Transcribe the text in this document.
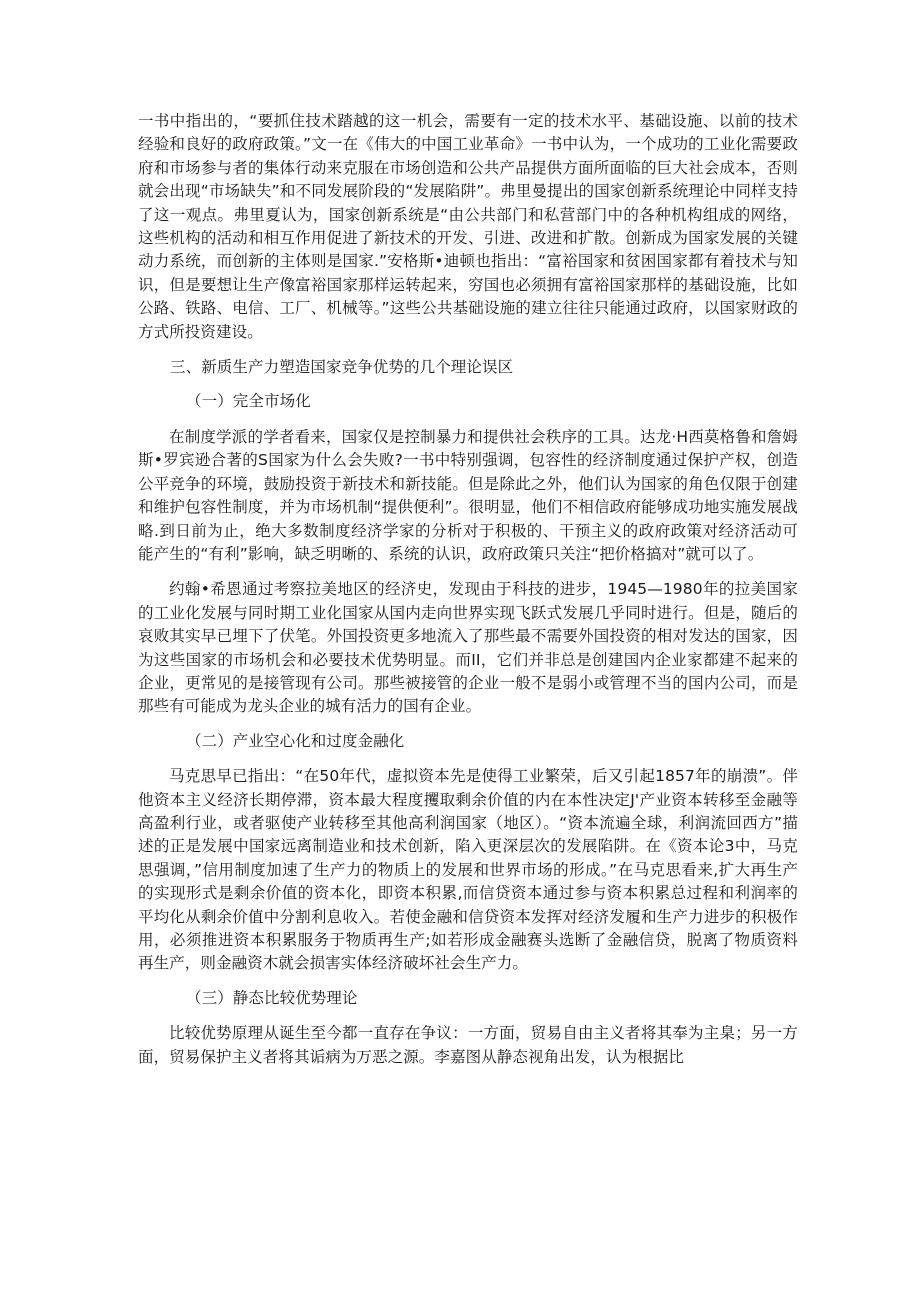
一书中指出的，“要抓住技术踏越的这一机会，需要有一定的技术水平、基础设施、以前的技术经验和良好的政府政策。”文一在《伟大的中国工业革命》一书中认为，一个成功的工业化需要政府和市场参与者的集体行动来克服在市场创造和公共产品提供方面所面临的巨大社会成本，否则就会出现“市场缺失”和不同发展阶段的“发展陷阱”。弗里曼提出的国家创新系统理论中同样支持了这一观点。弗里夏认为，国家创新系统是“由公共部门和私营部门中的各种机构组成的网络，这些机构的活动和相互作用促进了新技术的开发、引进、改进和扩散。创新成为国家发展的关键动力系统，而创新的主体则是国家.”安格斯•迪顿也指出：“富裕国家和贫困国家都有着技术与知识，但是要想让生产像富裕国家那样运转起来，穷国也必须拥有富裕国家那样的基础设施，比如公路、铁路、电信、工厂、机械等。”这些公共基础设施的建立往往只能通过政府，以国家财政的方式所投资建设。

三、新质生产力塑造国家竞争优势的几个理论误区

（一）完全市场化

在制度学派的学者看来，国家仅是控制暴力和提供社会秩序的工具。达龙·H西莫格鲁和詹姆斯•罗宾逊合著的S国家为什么会失败?一书中特别强调，包容性的经济制度通过保护产权，创造公平竞争的环境，鼓励投资于新技术和新技能。但是除此之外，他们认为国家的角色仅限于创建和维护包容性制度，并为市场机制“提供便利”。很明显，他们不相信政府能够成功地实施发展战略.到日前为止，绝大多数制度经济学家的分析对于积极的、干预主义的政府政策对经济活动可能产生的“有利”影响，缺乏明晰的、系统的认识，政府政策只关注“把价格搞对”就可以了。

约翰•希恩通过考察拉美地区的经济史，发现由于科技的进步，1945—1980年的拉美国家的工业化发展与同时期工业化国家从国内走向世界实现飞跃式发展几乎同时进行。但是，随后的哀败其实早已埋下了伏笔。外国投资更多地流入了那些最不需要外国投资的相对发达的国家，因为这些国家的市场机会和必要技术优势明显。而II，它们并非总是创建国内企业家都建不起来的企业，更常见的是接管现有公司。那些被接管的企业一般不是弱小或管理不当的国内公司，而是那些有可能成为龙头企业的城有活力的国有企业。

（二）产业空心化和过度金融化

马克思早已指出：“在50年代，虚拟资本先是使得工业繁荣，后又引起1857年的崩溃”。伴他资本主义经济长期停滞，资本最大程度攫取剩余价值的内在本性决定J'产业资本转移至金融等高盈利行业，或者驱使产业转移至其他高利润国家（地区）。“资本流遍全球，利润流回西方”描述的正是发展中国家远离制造业和技术创新，陷入更深层次的发展陷阱。在《资本论3中，马克思强调，”信用制度加速了生产力的物质上的发展和世界市场的形成。”在马克思看来,扩大再生产的实现形式是剩余价值的资本化，即资本积累,而信贷资本通过参与资本积累总过程和利润率的平均化从剩余价值中分割利息收入。若使金融和信贷资本发挥对经济发履和生产力进步的积极作用，必须推进资本积累服务于物质再生产;如若形成金融赛头选断了金融信贷，脱离了物质资料再生产，则金融资木就会损害实体经济破坏社会生产力。

（三）静态比较优势理论

比较优势原理从诞生至今都一直存在争议：一方面，贸易自由主义者将其奉为主臬；另一方面，贸易保护主义者将其诟病为万恶之源。李嘉图从静态视角出发，认为根据比
